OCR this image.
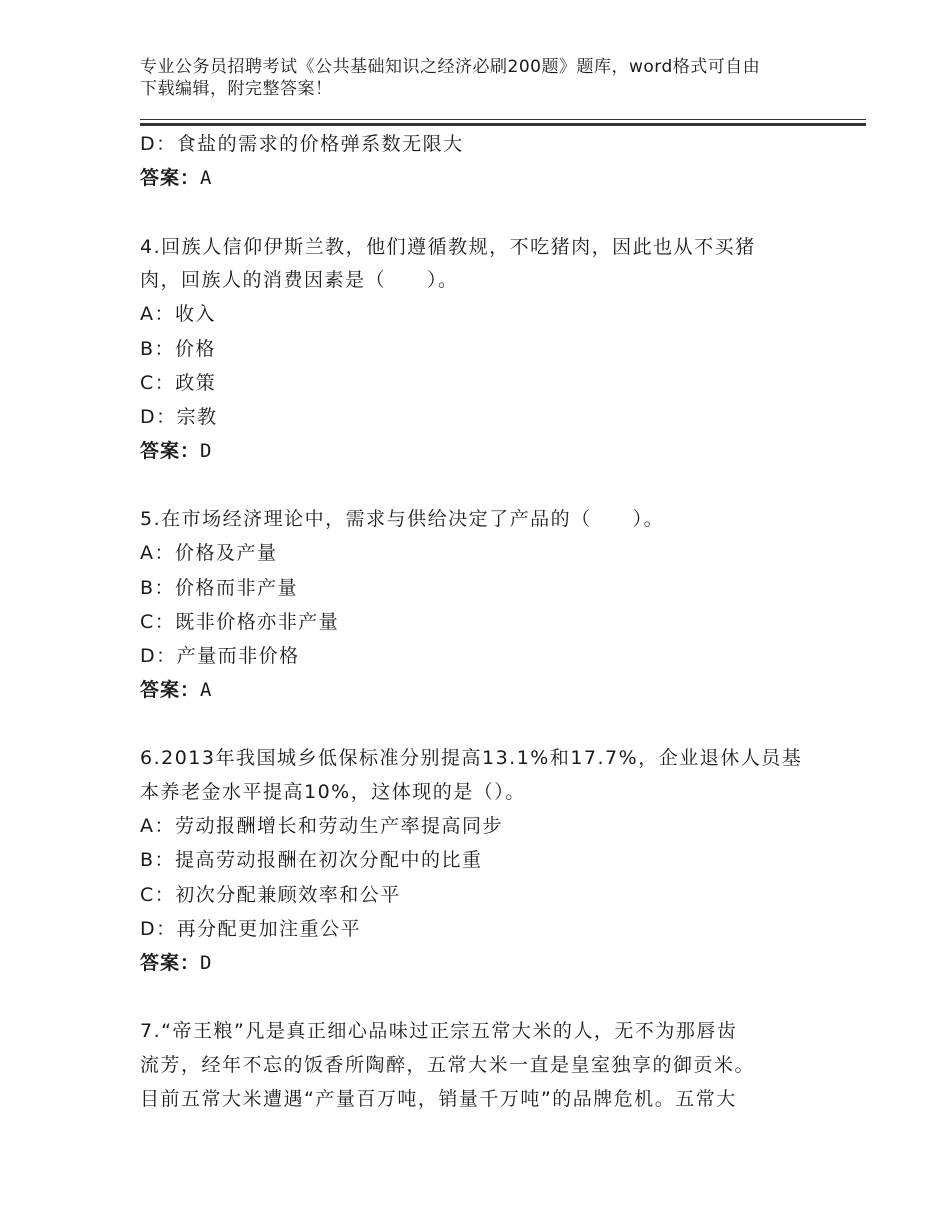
专业公务员招聘考试《公共基础知识之经济必刷200题》题库，word格式可自由
下载编辑，附完整答案！
D：食盐的需求的价格弹系数无限大
答案：A
4.回族人信仰伊斯兰教，他们遵循教规，不吃猪肉，因此也从不买猪
肉，回族人的消费因素是（　　）。
A：收入
B：价格
C：政策
D：宗教
答案：D
5.在市场经济理论中，需求与供给决定了产品的（　　）。
A：价格及产量
B：价格而非产量
C：既非价格亦非产量
D：产量而非价格
答案：A
6.2013年我国城乡低保标准分别提高13.1%和17.7%，企业退休人员基
本养老金水平提高10%，这体现的是（）。
A：劳动报酬增长和劳动生产率提高同步
B：提高劳动报酬在初次分配中的比重
C：初次分配兼顾效率和公平
D：再分配更加注重公平
答案：D
7.“帝王粮”凡是真正细心品味过正宗五常大米的人，无不为那唇齿
流芳，经年不忘的饭香所陶醉，五常大米一直是皇室独享的御贡米。
目前五常大米遭遇“产量百万吨，销量千万吨”的品牌危机。五常大
